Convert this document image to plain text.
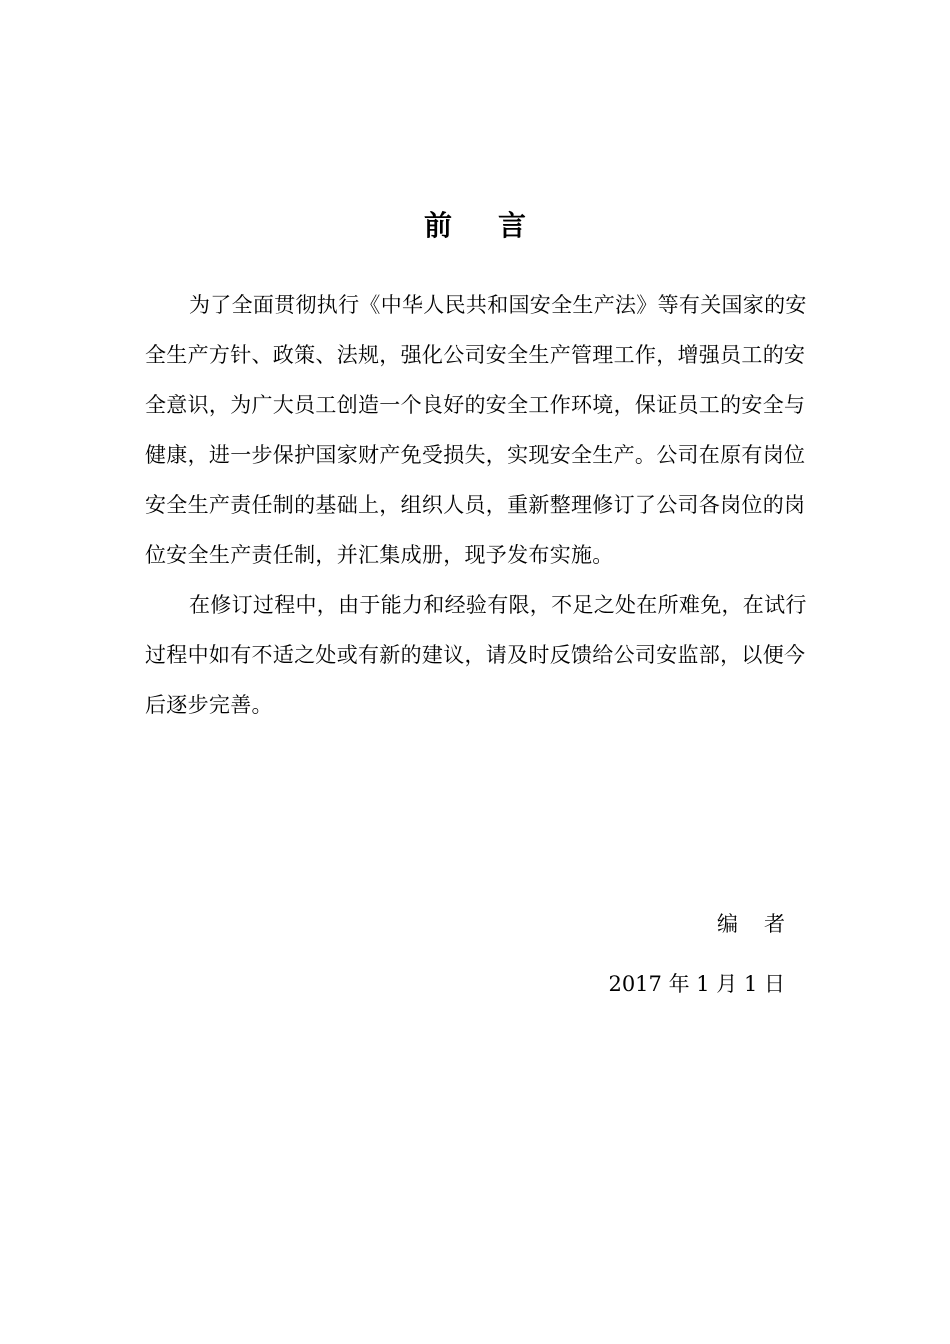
前言

为了全面贯彻执行《中华人民共和国安全生产法》等有关国家的安全生产方针、政策、法规，强化公司安全生产管理工作，增强员工的安全意识，为广大员工创造一个良好的安全工作环境，保证员工的安全与健康，进一步保护国家财产免受损失，实现安全生产。公司在原有岗位安全生产责任制的基础上，组织人员，重新整理修订了公司各岗位的岗位安全生产责任制，并汇集成册，现予发布实施。

在修订过程中，由于能力和经验有限，不足之处在所难免，在试行过程中如有不适之处或有新的建议，请及时反馈给公司安监部，以便今后逐步完善。

编者
2017 年 1 月 1 日
